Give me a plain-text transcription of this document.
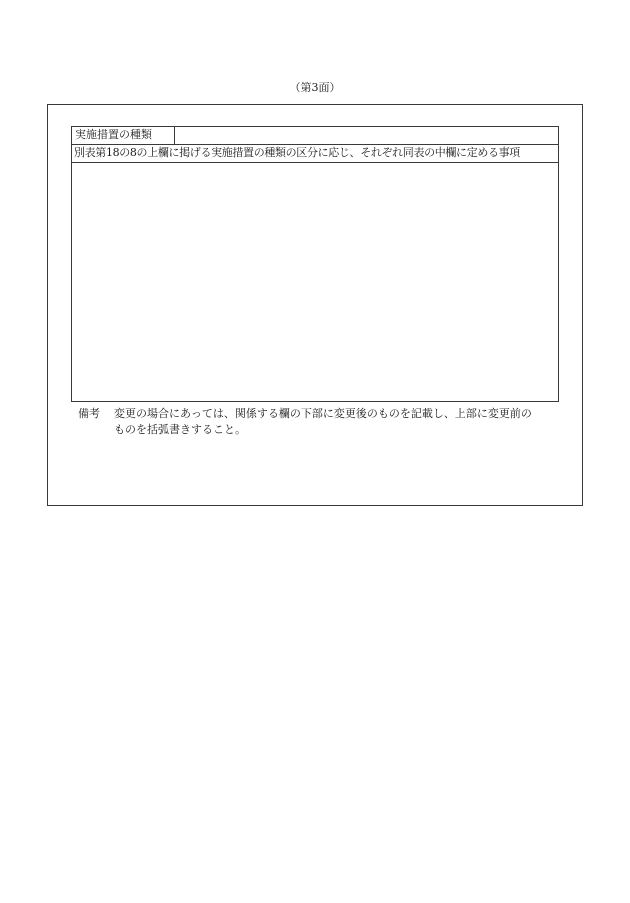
（第3面）
実施措置の種類	
別表第18の8の上欄に掲げる実施措置の種類の区分に応じ、それぞれ同表の中欄に定める事項

備考	変更の場合にあっては、関係する欄の下部に変更後のものを記載し、上部に変更前の
ものを括弧書きすること。
